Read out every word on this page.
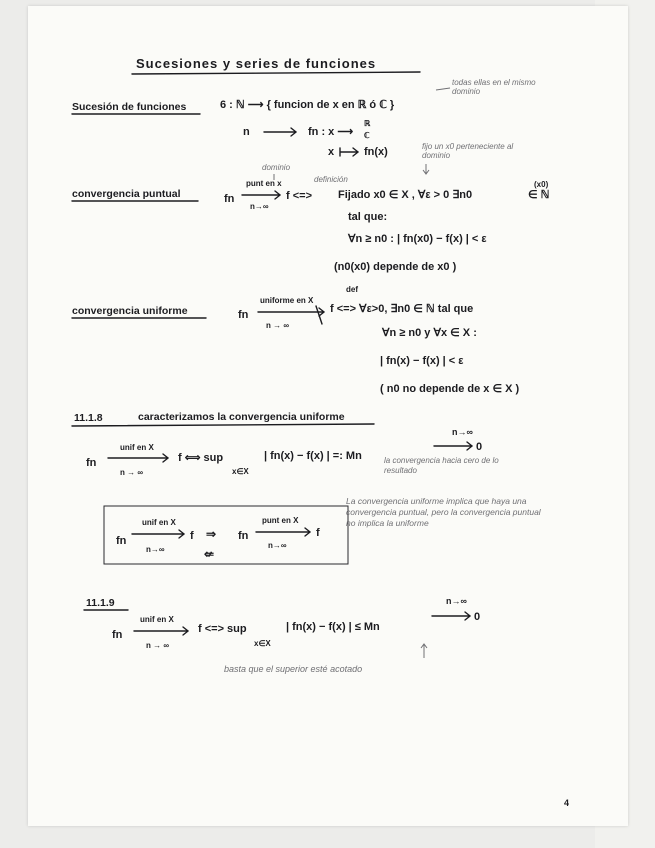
Sucesiones y series de funciones
todas ellas en el mismo dominio
Sucesión de funciones	6 : ℕ ⟶ { funcion de x en ℝ ó ℂ }
n	fn : x ⟶
ℝ
ℂ
x	fn(x)	fijo un x0 perteneciente al dominio
dominio
definición
convergencia puntual	fn
punt en x
n→∞
f <=> Fijado x0 ∈ X , ∀ε > 0 ∃n0
(x0)
∈ ℕ
tal que:
∀n ≥ n0 : | fn(x0) − f(x) | < ε
(n0(x0) depende de x0 )
convergencia uniforme	fn
uniforme en X
n → ∞
def
f <=> ∀ε>0, ∃n0 ∈ ℕ tal que
∀n ≥ n0 y ∀x ∈ X :
| fn(x) − f(x) | < ε
( n0 no depende de x ∈ X )
11.1.8	caracterizamos la convergencia uniforme
n→∞
fn
unif en X
n → ∞
f ⟺ sup
x∈X
| fn(x) − f(x) | =: Mn
0
la convergencia hacia cero de lo resultado
fn
unif en X
n→∞
f ⇒
⇍
fn
punt en X
n→∞
f
La convergencia uniforme implica que haya una convergencia puntual, pero la convergencia puntual no implica la uniforme
11.1.9	n→∞
fn
unif en X
n → ∞
f <=> sup
x∈X
| fn(x) − f(x) | ≤ Mn
0
basta que el superior esté acotado
4
